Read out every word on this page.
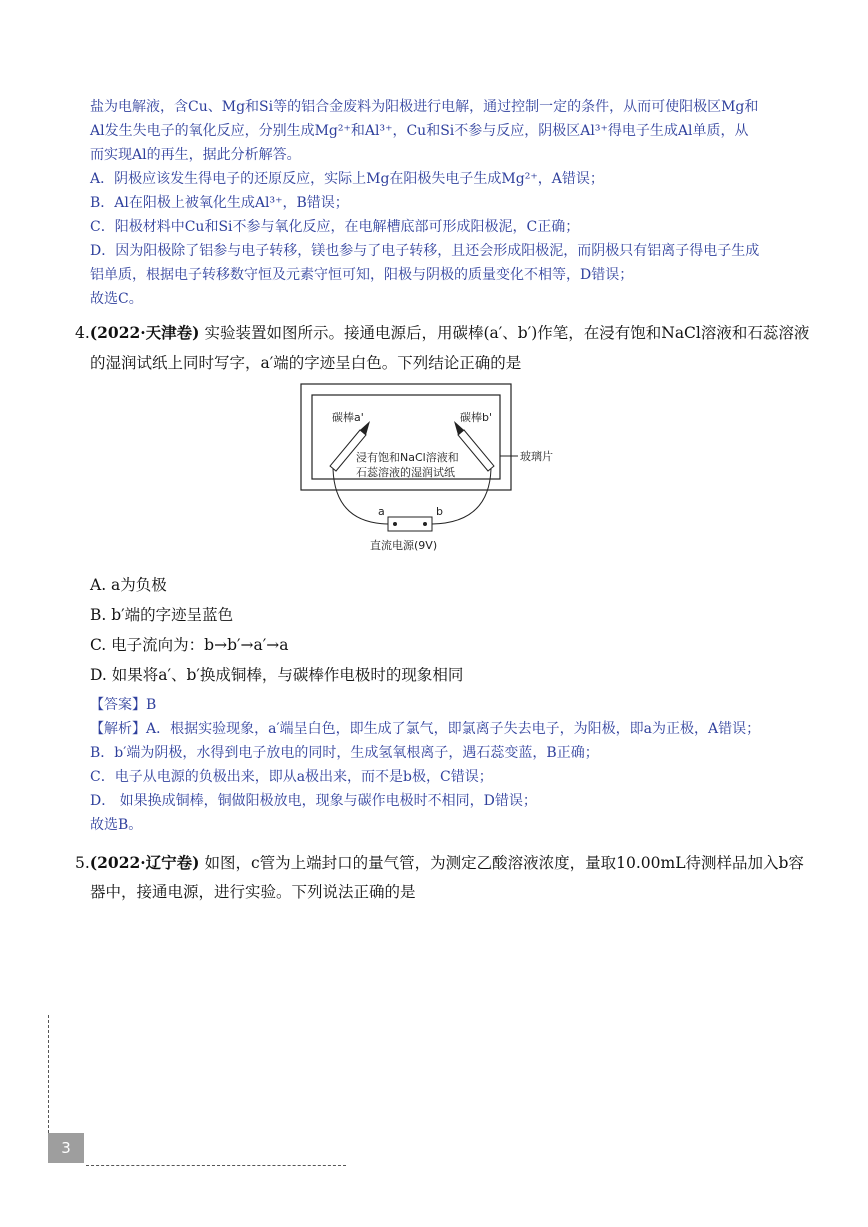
盐为电解液，含Cu、Mg和Si等的铝合金废料为阳极进行电解，通过控制一定的条件，从而可使阳极区Mg和
Al发生失电子的氧化反应，分别生成Mg²⁺和Al³⁺，Cu和Si不参与反应，阴极区Al³⁺得电子生成Al单质，从
而实现Al的再生，据此分析解答。
A．阴极应该发生得电子的还原反应，实际上Mg在阳极失电子生成Mg²⁺，A错误；
B．Al在阳极上被氧化生成Al³⁺，B错误；
C．阳极材料中Cu和Si不参与氧化反应，在电解槽底部可形成阳极泥，C正确；
D．因为阳极除了铝参与电子转移，镁也参与了电子转移，且还会形成阳极泥，而阴极只有铝离子得电子生成
铝单质，根据电子转移数守恒及元素守恒可知，阳极与阴极的质量变化不相等，D错误；
故选C。
4.(2022·天津卷) 实验装置如图所示。接通电源后，用碳棒(a′、b′)作笔，在浸有饱和NaCl溶液和石蕊溶液
的湿润试纸上同时写字，a′端的字迹呈白色。下列结论正确的是
碳棒a'	碳棒b'
浸有饱和NaCl溶液和
石蕊溶液的湿润试纸
玻璃片
a	b
直流电源(9V)
A. a为负极
B. b′端的字迹呈蓝色
C. 电子流向为：b→b′→a′→a
D. 如果将a′、b′换成铜棒，与碳棒作电极时的现象相同
【答案】B
【解析】A．根据实验现象，a′端呈白色，即生成了氯气，即氯离子失去电子，为阳极，即a为正极，A错误；
B．b′端为阴极，水得到电子放电的同时，生成氢氧根离子，遇石蕊变蓝，B正确；
C．电子从电源的负极出来，即从a极出来，而不是b极，C错误；
D． 如果换成铜棒，铜做阳极放电，现象与碳作电极时不相同，D错误；
故选B。
5.(2022·辽宁卷) 如图，c管为上端封口的量气管，为测定乙酸溶液浓度，量取10.00mL待测样品加入b容
器中，接通电源，进行实验。下列说法正确的是
3
